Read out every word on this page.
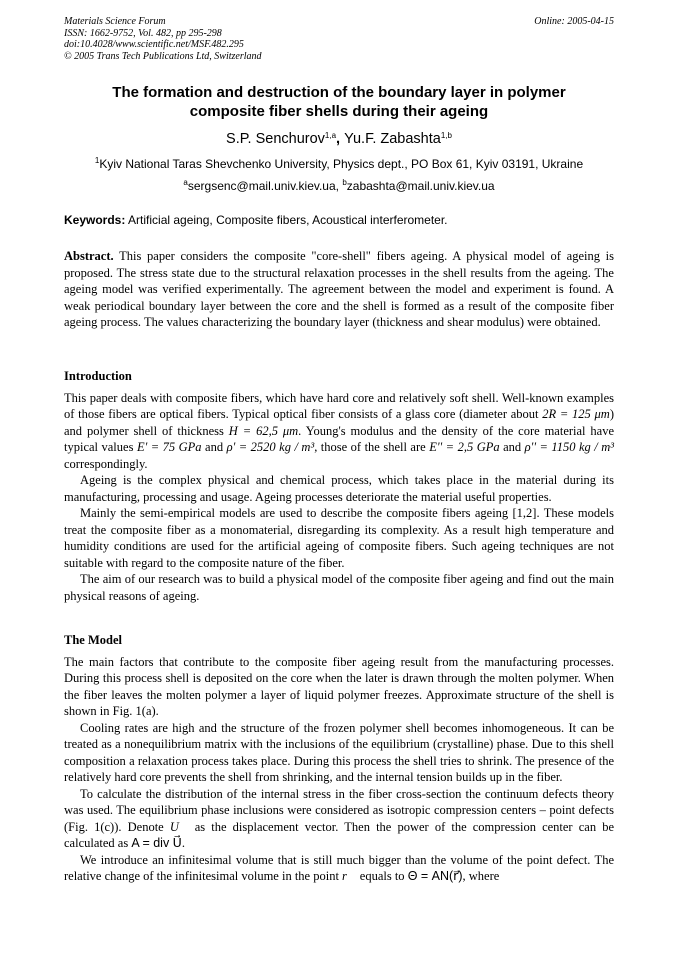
Materials Science Forum
ISSN: 1662-9752, Vol. 482, pp 295-298
doi:10.4028/www.scientific.net/MSF.482.295
© 2005 Trans Tech Publications Ltd, Switzerland
Online: 2005-04-15
The formation and destruction of the boundary layer in polymer
composite fiber shells during their ageing
S.P. Senchurov$^{1,a}$, Yu.F. Zabashta$^{1,b}$
$^1$Kyiv National Taras Shevchenko University, Physics dept., PO Box 61, Kyiv 03191, Ukraine
$^a$sergsenc@mail.univ.kiev.ua, $^b$zabashta@mail.univ.kiev.ua
Keywords: Artificial ageing, Composite fibers, Acoustical interferometer.

Abstract. This paper considers the composite "core-shell" fibers ageing. A physical model of ageing is proposed. The stress state due to the structural relaxation processes in the shell results from the ageing. The ageing model was verified experimentally. The agreement between the model and experiment is found. A weak periodical boundary layer between the core and the shell is formed as a result of the composite fiber ageing process. The values characterizing the boundary layer (thickness and shear modulus) were obtained.

Introduction

This paper deals with composite fibers, which have hard core and relatively soft shell. Well-known examples of those fibers are optical fibers. Typical optical fiber consists of a glass core (diameter about 2R = 125 μm) and polymer shell of thickness H = 62,5 μm. Young's modulus and the density of the core material have typical values E' = 75 GPa and ρ' = 2520 kg / m³, those of the shell are E'' = 2,5 GPa and ρ'' = 1150 kg / m³ correspondingly.

Ageing is the complex physical and chemical process, which takes place in the material during its manufacturing, processing and usage. Ageing processes deteriorate the material useful properties.

Mainly the semi-empirical models are used to describe the composite fibers ageing [1,2]. These models treat the composite fiber as a monomaterial, disregarding its complexity. As a result high temperature and humidity conditions are used for the artificial ageing of composite fibers. Such ageing techniques are not suitable with regard to the composite nature of the fiber.

The aim of our research was to build a physical model of the composite fiber ageing and find out the main physical reasons of ageing.

The Model

The main factors that contribute to the composite fiber ageing result from the manufacturing processes. During this process shell is deposited on the core when the later is drawn through the molten polymer. When the fiber leaves the molten polymer a layer of liquid polymer freezes. Approximate structure of the shell is shown in Fig. 1(a).

Cooling rates are high and the structure of the frozen polymer shell becomes inhomogeneous. It can be treated as a nonequilibrium matrix with the inclusions of the equilibrium (crystalline) phase. Due to this shell composition a relaxation process takes place. During this process the shell tries to shrink. The presence of the relatively hard core prevents the shell from shrinking, and the internal tension builds up in the fiber.

To calculate the distribution of the internal stress in the fiber cross-section the continuum defects theory was used. The equilibrium phase inclusions were considered as isotropic compression centers – point defects (Fig. 1(c)). Denote U⃗ as the displacement vector. Then the power of the compression center can be calculated as A = div U⃗.

We introduce an infinitesimal volume that is still much bigger than the volume of the point defect. The relative change of the infinitesimal volume in the point r⃗ equals to Θ = AN(r⃗), where
